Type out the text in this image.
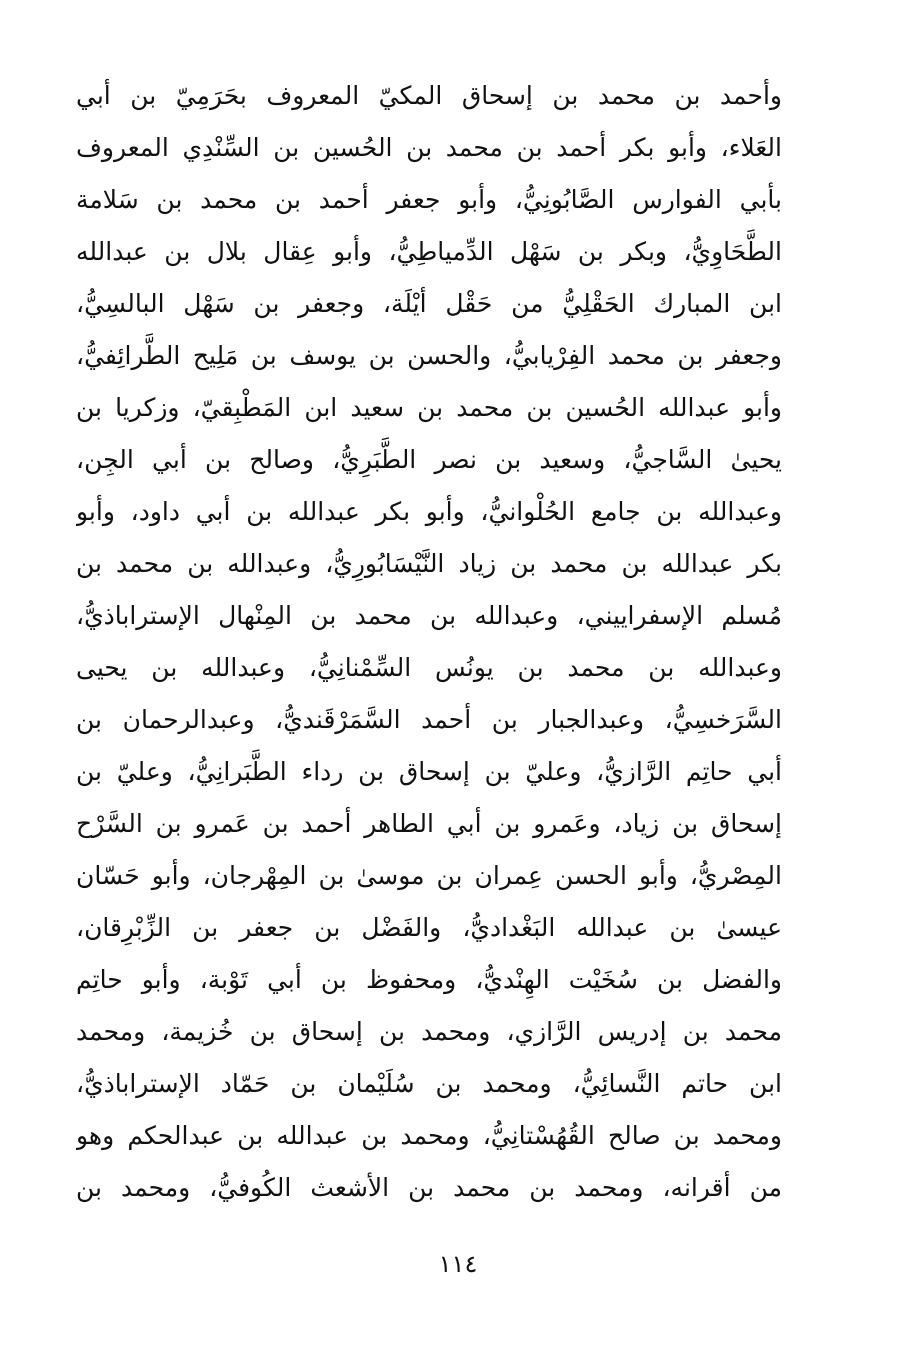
وأحمد بن محمد بن إسحاق المكيّ المعروف بحَرَمِيّ بن أبي
العَلاء، وأبو بكر أحمد بن محمد بن الحُسين بن السِّنْدِي المعروف
بأبي الفوارس الصَّابُونِيُّ، وأبو جعفر أحمد بن محمد بن سَلامة
الطَّحَاوِيُّ، وبكر بن سَهْل الدِّمياطِيُّ، وأبو عِقال بلال بن عبدالله
ابن المبارك الحَقْلِيُّ من حَقْل أيْلَة، وجعفر بن سَهْل البالسِيُّ،
وجعفر بن محمد الفِرْيابيُّ، والحسن بن يوسف بن مَلِيح الطَّرائِفيُّ،
وأبو عبدالله الحُسين بن محمد بن سعيد ابن المَطْبِقيّ، وزكريا بن
يحيىٰ السَّاجيُّ، وسعيد بن نصر الطَّبَرِيُّ، وصالح بن أبي الجِن،
وعبدالله بن جامع الحُلْوانيُّ، وأبو بكر عبدالله بن أبي داود، وأبو
بكر عبدالله بن محمد بن زياد النَّيْسَابُورِيُّ، وعبدالله بن محمد بن
مُسلم الإسفراييني، وعبدالله بن محمد بن المِنْهال الإستراباذيُّ،
وعبدالله بن محمد بن يونُس السِّمْنانِيُّ، وعبدالله بن يحيى
السَّرَخسِيُّ، وعبدالجبار بن أحمد السَّمَرْقَنديُّ، وعبدالرحمان بن
أبي حاتِم الرَّازيُّ، وعليّ بن إسحاق بن رداء الطَّبَرانِيُّ، وعليّ بن
إسحاق بن زياد، وعَمرو بن أبي الطاهر أحمد بن عَمرو بن السَّرْح
المِصْريُّ، وأبو الحسن عِمران بن موسىٰ بن المِهْرجان، وأبو حَسّان
عيسىٰ بن عبدالله البَغْداديُّ، والفَضْل بن جعفر بن الزِّبْرِقان،
والفضل بن سُخَيْت الهِنْديُّ، ومحفوظ بن أبي تَوْبة، وأبو حاتِم
محمد بن إدريس الرَّازي، ومحمد بن إسحاق بن خُزيمة، ومحمد
ابن حاتم النَّسائِيُّ، ومحمد بن سُلَيْمان بن حَمّاد الإستراباذيُّ،
ومحمد بن صالح القُهُسْتانِيُّ، ومحمد بن عبدالله بن عبدالحكم وهو
من أقرانه، ومحمد بن محمد بن الأشعث الكُوفيُّ، ومحمد بن
١١٤
